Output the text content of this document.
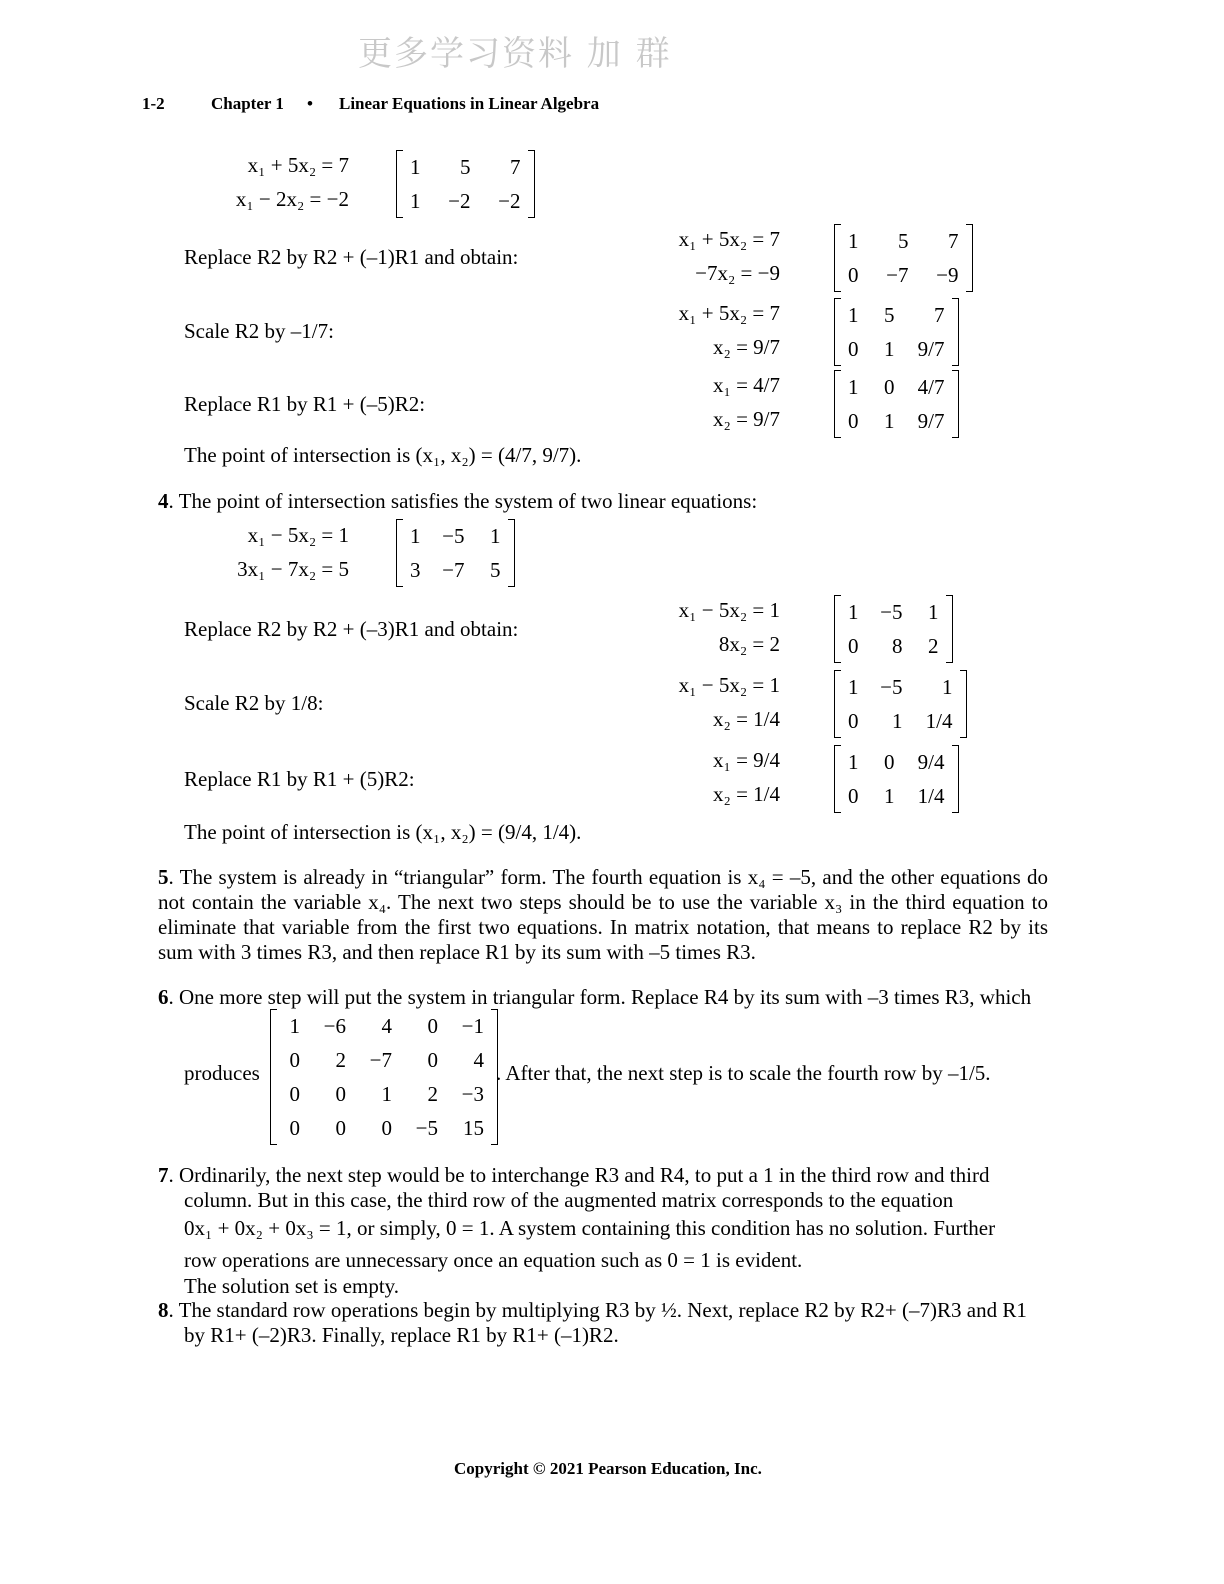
更多学习资料 加 群
1-2	Chapter 1 • Linear Equations in Linear Algebra
x₁ + 5x₂ = 7
x₁ − 2x₂ = −2
1	5	7
1	−2	−2
Replace R2 by R2 + (–1)R1 and obtain:
x₁ + 5x₂ = 7
−7x₂ = −9
1	5	7
0	−7	−9
Scale R2 by –1/7:
x₁ + 5x₂ = 7
x₂ = 9/7
1	5	7
0	1	9/7
Replace R1 by R1 + (–5)R2:
x₁ = 4/7
x₂ = 9/7
1	0	4/7
0	1	9/7
The point of intersection is (x₁, x₂) = (4/7, 9/7).
4. The point of intersection satisfies the system of two linear equations:
x₁ − 5x₂ = 1
3x₁ − 7x₂ = 5
1	−5	1
3	−7	5
Replace R2 by R2 + (–3)R1 and obtain:
x₁ − 5x₂ = 1
8x₂ = 2
1	−5	1
0	8	2
Scale R2 by 1/8:
x₁ − 5x₂ = 1
x₂ = 1/4
1	−5	1
0	1	1/4
Replace R1 by R1 + (5)R2:
x₁ = 9/4
x₂ = 1/4
1	0	9/4
0	1	1/4
The point of intersection is (x₁, x₂) = (9/4, 1/4).
5. The system is already in “triangular” form. The fourth equation is x₄ = –5, and the other equations do not contain the variable x₄. The next two steps should be to use the variable x₃ in the third equation to eliminate that variable from the first two equations. In matrix notation, that means to replace R2 by its sum with 3 times R3, and then replace R1 by its sum with –5 times R3.
6. One more step will put the system in triangular form. Replace R4 by its sum with –3 times R3, which
produces
1	−6	4	0	−1
0	2	−7	0	4
0	0	1	2	−3
0	0	0	−5	15
. After that, the next step is to scale the fourth row by –1/5.
7. Ordinarily, the next step would be to interchange R3 and R4, to put a 1 in the third row and third
column. But in this case, the third row of the augmented matrix corresponds to the equation
0x₁ + 0x₂ + 0x₃ = 1, or simply, 0 = 1. A system containing this condition has no solution. Further
row operations are unnecessary once an equation such as 0 = 1 is evident.
The solution set is empty.
8. The standard row operations begin by multiplying R3 by ½. Next, replace R2 by R2+ (–7)R3 and R1
by R1+ (–2)R3. Finally, replace R1 by R1+ (–1)R2.
Copyright © 2021 Pearson Education, Inc.
